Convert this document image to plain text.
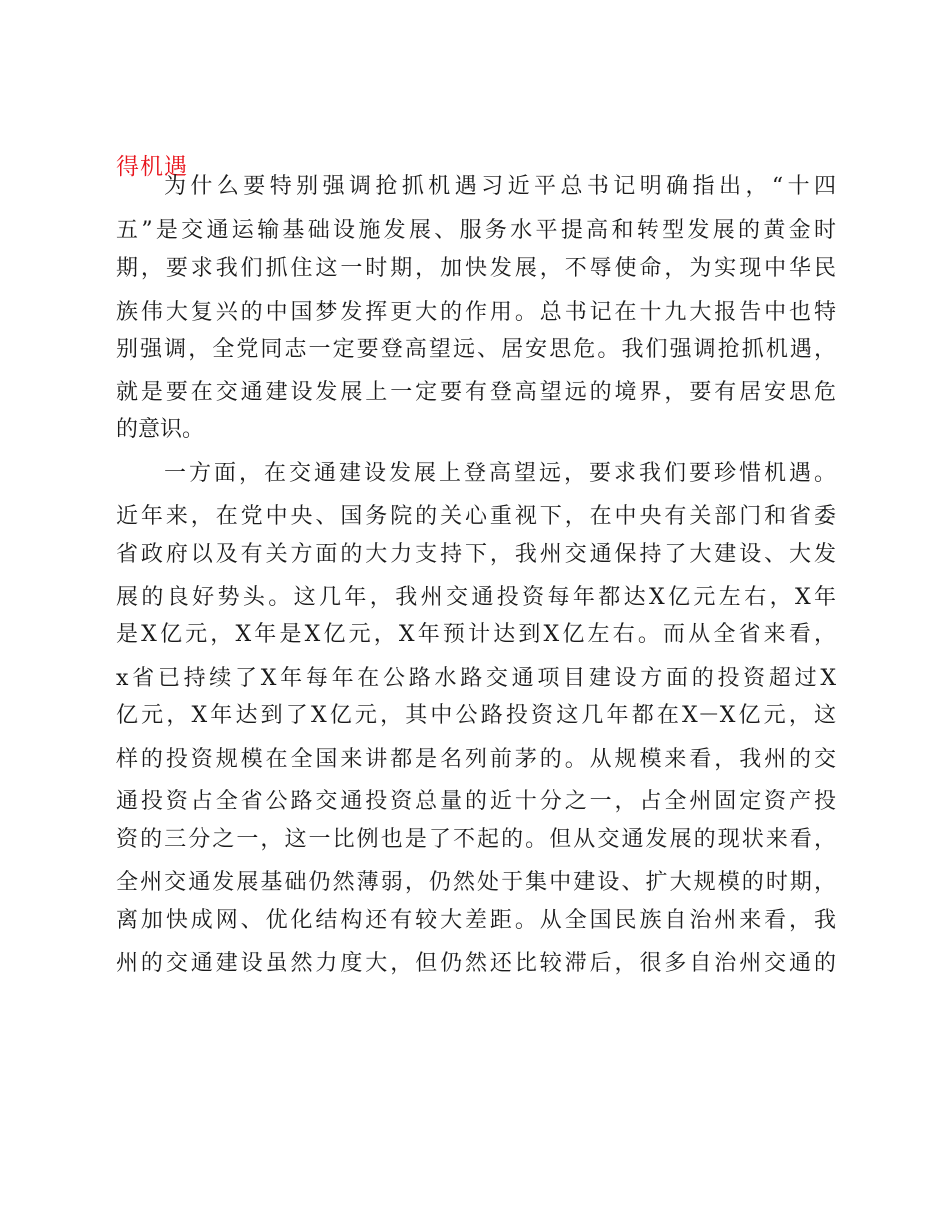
得机遇
为什么要特别强调抢抓机遇习近平总书记明确指出，“十四
五”是交通运输基础设施发展、服务水平提高和转型发展的黄金时
期，要求我们抓住这一时期，加快发展，不辱使命，为实现中华民
族伟大复兴的中国梦发挥更大的作用。总书记在十九大报告中也特
别强调，全党同志一定要登高望远、居安思危。我们强调抢抓机遇，
就是要在交通建设发展上一定要有登高望远的境界，要有居安思危
的意识。
一方面，在交通建设发展上登高望远，要求我们要珍惜机遇。
近年来，在党中央、国务院的关心重视下，在中央有关部门和省委
省政府以及有关方面的大力支持下，我州交通保持了大建设、大发
展的良好势头。这几年，我州交通投资每年都达X亿元左右，X年
是X亿元，X年是X亿元，X年预计达到X亿左右。而从全省来看，
x省已持续了X年每年在公路水路交通项目建设方面的投资超过X
亿元，X年达到了X亿元，其中公路投资这几年都在X－X亿元，这
样的投资规模在全国来讲都是名列前茅的。从规模来看，我州的交
通投资占全省公路交通投资总量的近十分之一，占全州固定资产投
资的三分之一，这一比例也是了不起的。但从交通发展的现状来看，
全州交通发展基础仍然薄弱，仍然处于集中建设、扩大规模的时期，
离加快成网、优化结构还有较大差距。从全国民族自治州来看，我
州的交通建设虽然力度大，但仍然还比较滞后，很多自治州交通的
